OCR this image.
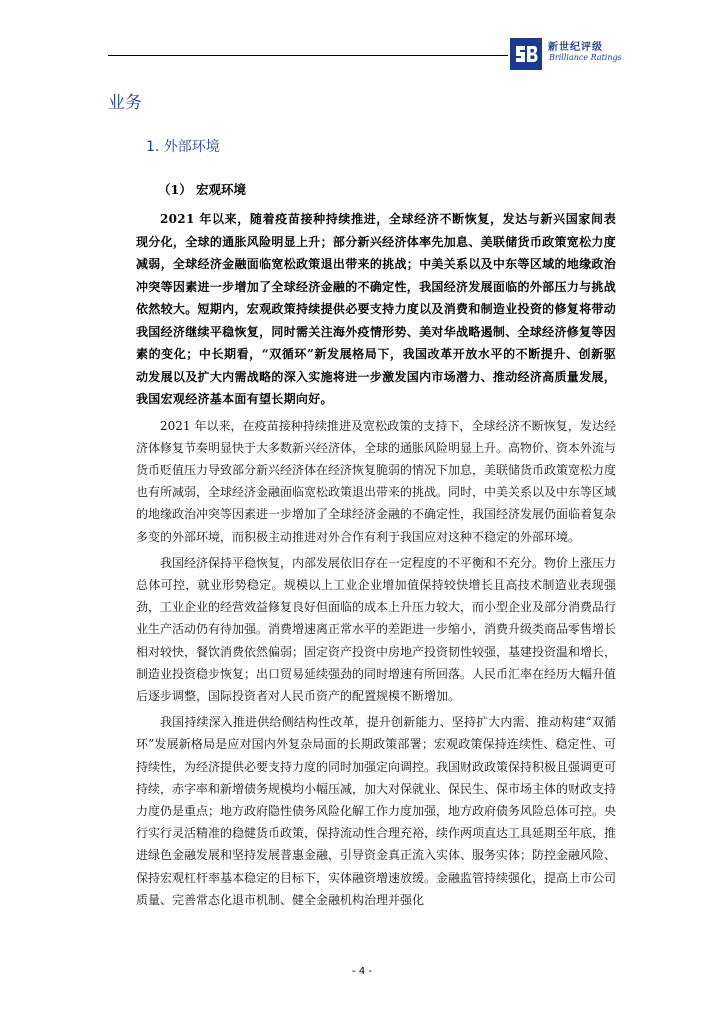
新世纪评级
Brilliance Ratings
业务
1. 外部环境
（1） 宏观环境

2021 年以来，随着疫苗接种持续推进，全球经济不断恢复，发达与新兴国家间表现分化，全球的通胀风险明显上升；部分新兴经济体率先加息、美联储货币政策宽松力度减弱，全球经济金融面临宽松政策退出带来的挑战；中美关系以及中东等区域的地缘政治冲突等因素进一步增加了全球经济金融的不确定性，我国经济发展面临的外部压力与挑战依然较大。短期内，宏观政策持续提供必要支持力度以及消费和制造业投资的修复将带动我国经济继续平稳恢复，同时需关注海外疫情形势、美对华战略遏制、全球经济修复等因素的变化；中长期看，“双循环”新发展格局下，我国改革开放水平的不断提升、创新驱动发展以及扩大内需战略的深入实施将进一步激发国内市场潜力、推动经济高质量发展，我国宏观经济基本面有望长期向好。

2021 年以来，在疫苗接种持续推进及宽松政策的支持下，全球经济不断恢复，发达经济体修复节奏明显快于大多数新兴经济体，全球的通胀风险明显上升。高物价、资本外流与货币贬值压力导致部分新兴经济体在经济恢复脆弱的情况下加息，美联储货币政策宽松力度也有所减弱，全球经济金融面临宽松政策退出带来的挑战。同时，中美关系以及中东等区域的地缘政治冲突等因素进一步增加了全球经济金融的不确定性，我国经济发展仍面临着复杂多变的外部环境，而积极主动推进对外合作有利于我国应对这种不稳定的外部环境。

我国经济保持平稳恢复，内部发展依旧存在一定程度的不平衡和不充分。物价上涨压力总体可控，就业形势稳定。规模以上工业企业增加值保持较快增长且高技术制造业表现强劲，工业企业的经营效益修复良好但面临的成本上升压力较大，而小型企业及部分消费品行业生产活动仍有待加强。消费增速离正常水平的差距进一步缩小，消费升级类商品零售增长相对较快，餐饮消费依然偏弱；固定资产投资中房地产投资韧性较强，基建投资温和增长，制造业投资稳步恢复；出口贸易延续强劲的同时增速有所回落。人民币汇率在经历大幅升值后逐步调整，国际投资者对人民币资产的配置规模不断增加。

我国持续深入推进供给侧结构性改革，提升创新能力、坚持扩大内需、推动构建“双循环”发展新格局是应对国内外复杂局面的长期政策部署；宏观政策保持连续性、稳定性、可持续性，为经济提供必要支持力度的同时加强定向调控。我国财政政策保持积极且强调更可持续，赤字率和新增债务规模均小幅压减，加大对保就业、保民生、保市场主体的财政支持力度仍是重点；地方政府隐性债务风险化解工作力度加强，地方政府债务风险总体可控。央行实行灵活精准的稳健货币政策，保持流动性合理充裕，续作两项直达工具延期至年底，推进绿色金融发展和坚持发展普惠金融，引导资金真正流入实体、服务实体；防控金融风险、保持宏观杠杆率基本稳定的目标下，实体融资增速放缓。金融监管持续强化，提高上市公司质量、完善常态化退市机制、健全金融机构治理并强化

- 4 -
